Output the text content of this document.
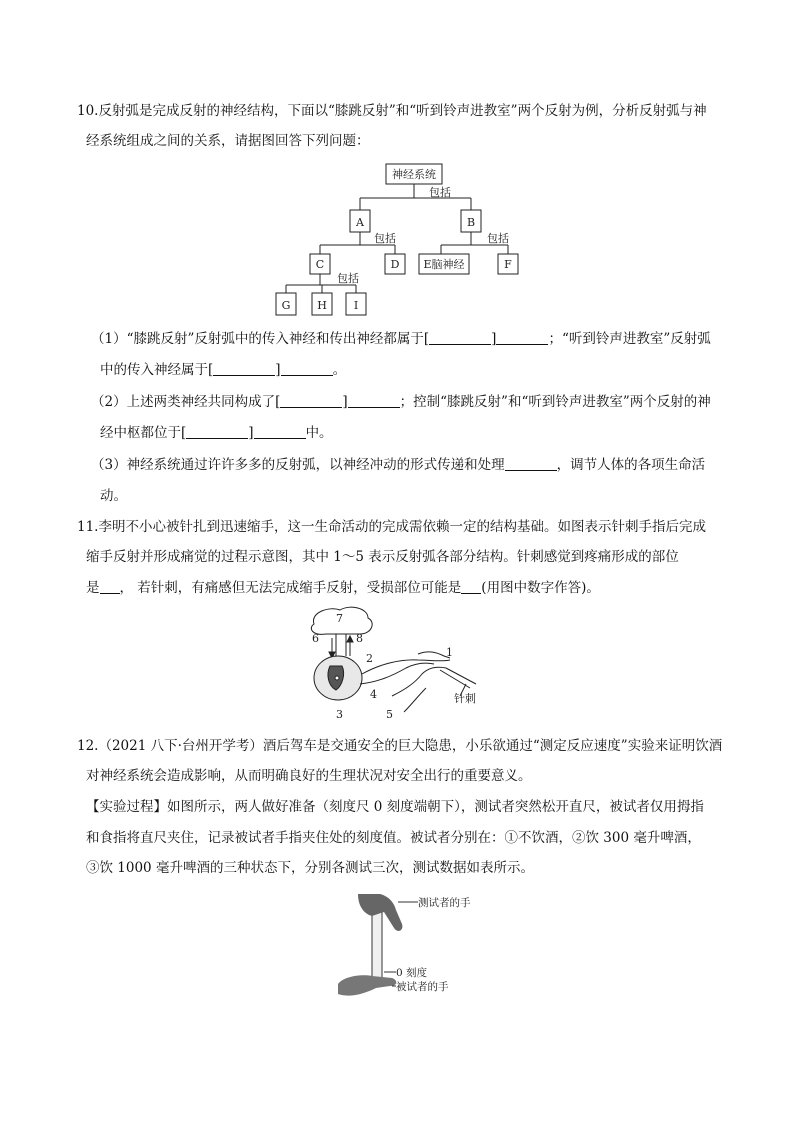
10.反射弧是完成反射的神经结构，下面以“膝跳反射”和“听到铃声进教室”两个反射为例，分析反射弧与神
经系统组成之间的关系，请据图回答下列问题：
神经系统
包括
A	B
包括	包括
C	D E脑神经	F
包括
G H I
（1）“膝跳反射”反射弧中的传入神经和传出神经都属于[	]	；“听到铃声进教室”反射弧
中的传入神经属于[	]	。
（2）上述两类神经共同构成了[	]	；控制“膝跳反射”和“听到铃声进教室”两个反射的神
经中枢都位于[	]	中。
（3）神经系统通过许许多多的反射弧，以神经冲动的形式传递和处理	，调节人体的各项生命活
动。
11.李明不小心被针扎到迅速缩手，这一生命活动的完成需依赖一定的结构基础。如图表示针刺手指后完成
缩手反射并形成痛觉的过程示意图，其中 1～5 表示反射弧各部分结构。针刺感觉到疼痛形成的部位
是 ， 若针刺，有痛感但无法完成缩手反射，受损部位可能是 (用图中数字作答)。
7
6	8
2	1
4
5
3
针刺
12.（2021 八下·台州开学考）酒后驾车是交通安全的巨大隐患，小乐欲通过“测定反应速度”实验来证明饮酒
对神经系统会造成影响，从而明确良好的生理状况对安全出行的重要意义。
【实验过程】如图所示，两人做好准备（刻度尺 0 刻度端朝下），测试者突然松开直尺，被试者仅用拇指
和食指将直尺夹住，记录被试者手指夹住处的刻度值。被试者分别在：①不饮酒，②饮 300 毫升啤酒，
③饮 1000 毫升啤酒的三种状态下，分别各测试三次，测试数据如表所示。
测试者的手
0 刻度
被试者的手
